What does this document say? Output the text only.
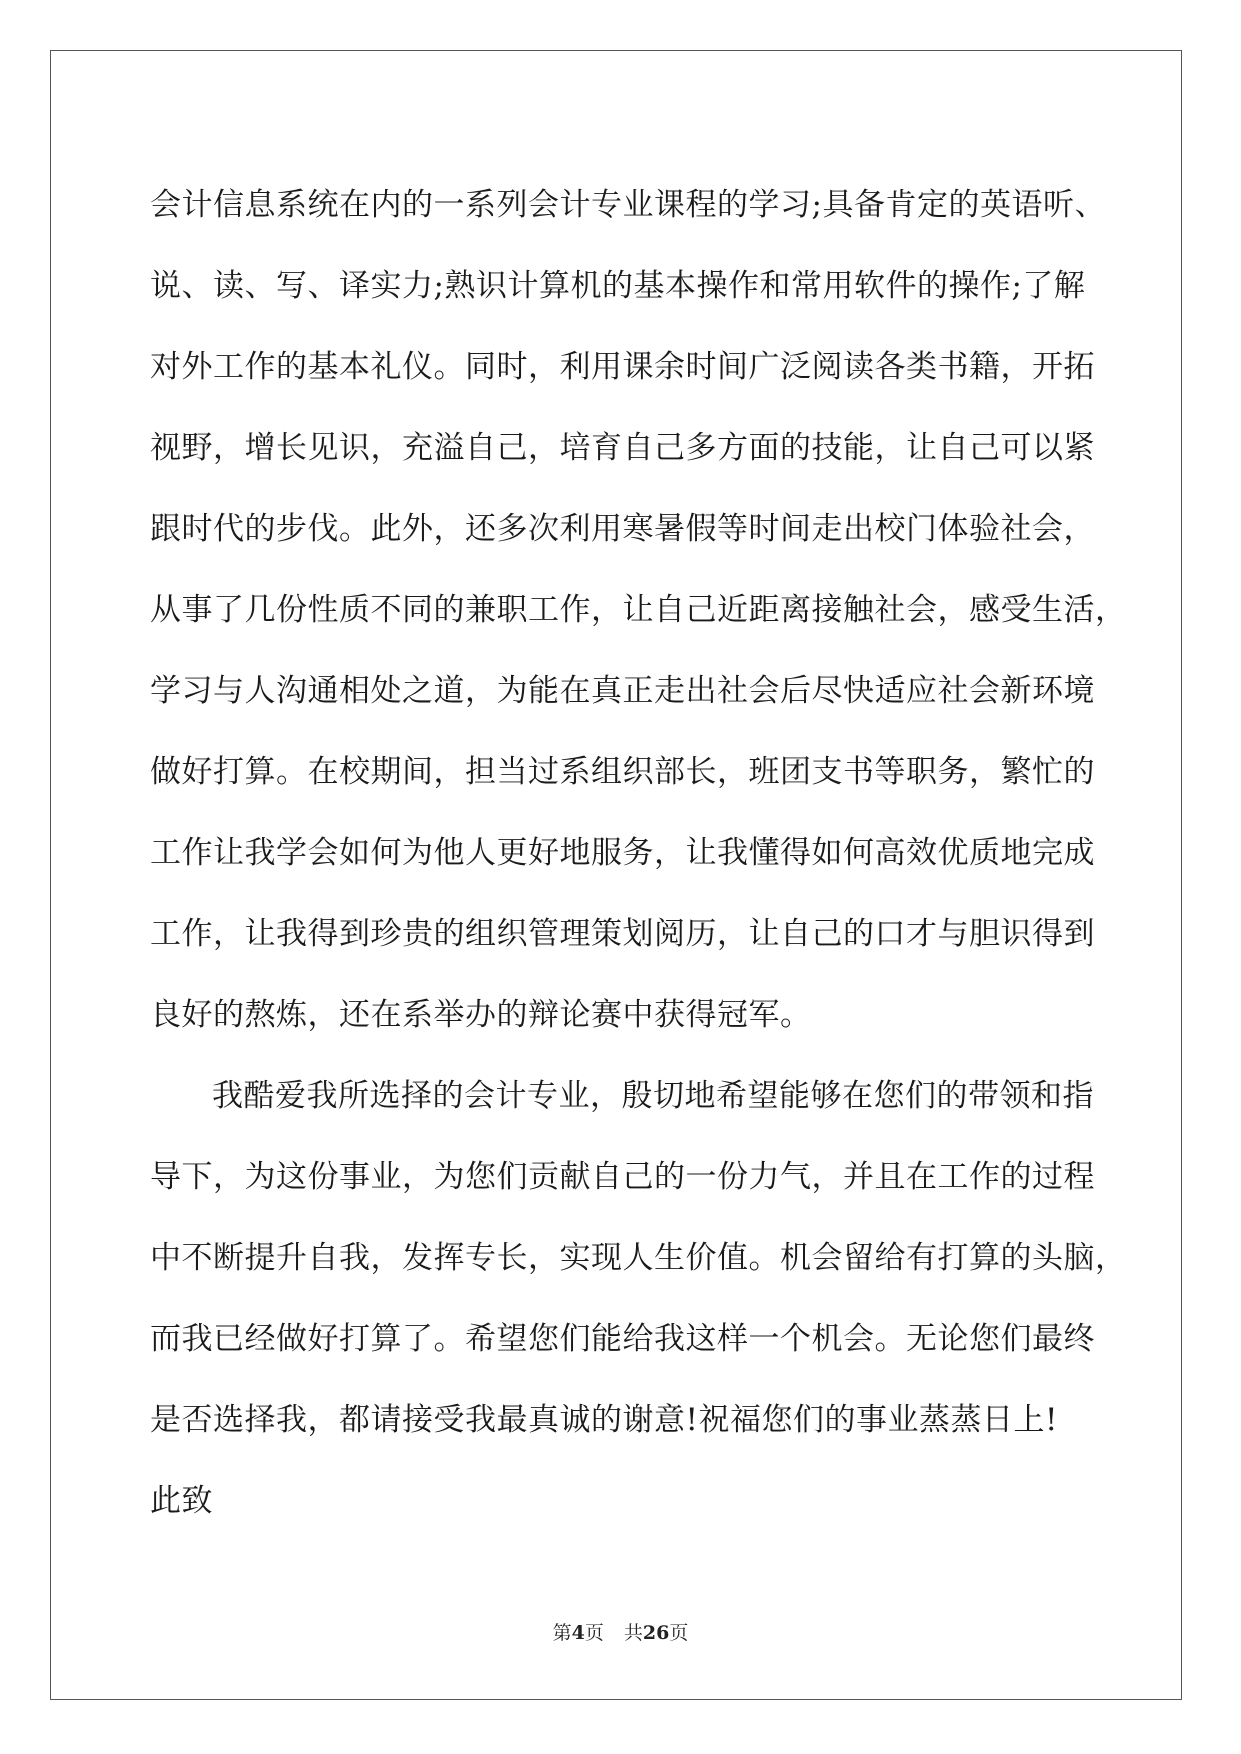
会计信息系统在内的一系列会计专业课程的学习;具备肯定的英语听、
说、读、写、译实力;熟识计算机的基本操作和常用软件的操作;了解
对外工作的基本礼仪。同时，利用课余时间广泛阅读各类书籍，开拓
视野，增长见识，充溢自己，培育自己多方面的技能，让自己可以紧
跟时代的步伐。此外，还多次利用寒暑假等时间走出校门体验社会，
从事了几份性质不同的兼职工作，让自己近距离接触社会，感受生活，
学习与人沟通相处之道，为能在真正走出社会后尽快适应社会新环境
做好打算。在校期间，担当过系组织部长，班团支书等职务，繁忙的
工作让我学会如何为他人更好地服务，让我懂得如何高效优质地完成
工作，让我得到珍贵的组织管理策划阅历，让自己的口才与胆识得到
良好的熬炼，还在系举办的辩论赛中获得冠军。
我酷爱我所选择的会计专业，殷切地希望能够在您们的带领和指
导下，为这份事业，为您们贡献自己的一份力气，并且在工作的过程
中不断提升自我，发挥专长，实现人生价值。机会留给有打算的头脑，
而我已经做好打算了。希望您们能给我这样一个机会。无论您们最终
是否选择我，都请接受我最真诚的谢意!祝福您们的事业蒸蒸日上!
此致
第4页 共26页
